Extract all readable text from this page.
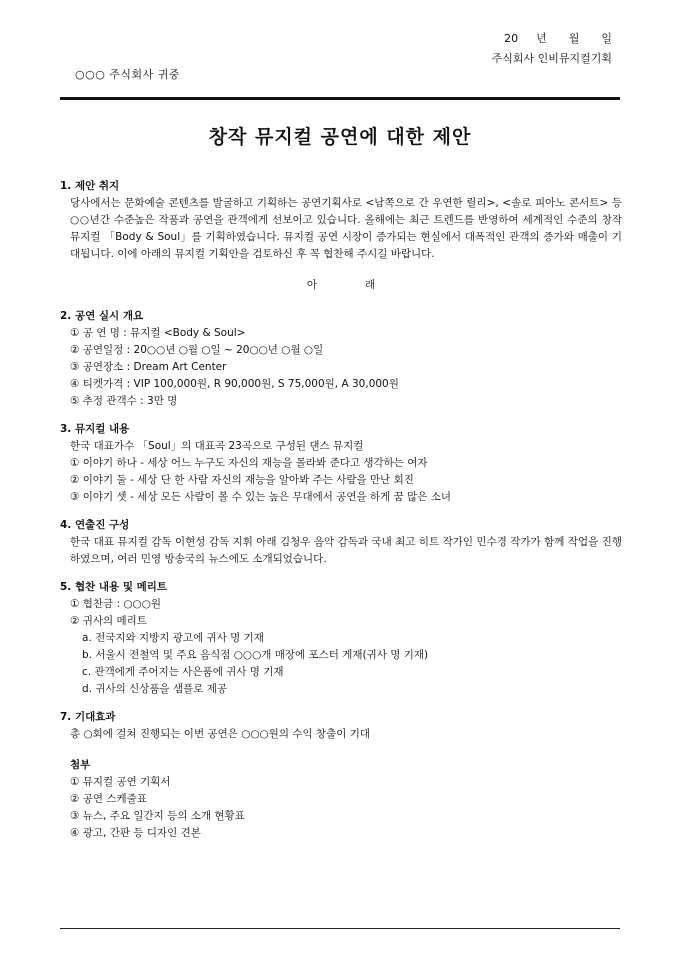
○○○ 주식회사 귀중
20 년 월 일
주식회사 인비뮤지컬기획
창작 뮤지컬 공연에 대한 제안
1. 제안 취지
당사에서는 문화예술 콘텐츠를 발굴하고 기획하는 공연기획사로 <남쪽으로 간 우연한 릴리>, <솔로 피아노 콘서트> 등 ○○년간 수준높은 작품과 공연을 관객에게 선보이고 있습니다. 올해에는 최근 트렌드를 반영하여 세계적인 수준의 창작 뮤지컬 「Body & Soul」를 기획하였습니다. 뮤지컬 공연 시장이 증가되는 현실에서 대폭적인 관객의 증가와 매출이 기대됩니다. 이에 아래의 뮤지컬 기획안을 검토하신 후 꼭 협찬해 주시길 바랍니다.
아	래
2. 공연 실시 개요
① 공 연 명 : 뮤지컬 <Body & Soul>
② 공연일정 : 20○○년 ○월 ○일 ~ 20○○년 ○월 ○일
③ 공연장소 : Dream Art Center
④ 티켓가격 : VIP 100,000원, R 90,000원, S 75,000원, A 30,000원
⑤ 추정 관객수 : 3만 명
3. 뮤지컬 내용
한국 대표가수 「Soul」의 대표곡 23곡으로 구성된 댄스 뮤지컬
① 이야기 하나 - 세상 어느 누구도 자신의 재능을 몰라봐 준다고 생각하는 여자
② 이야기 둘 - 세상 단 한 사람 자신의 재능을 알아봐 주는 사람을 만난 회진
③ 이야기 셋 - 세상 모든 사람이 볼 수 있는 높은 무대에서 공연을 하게 꿈 많은 소녀
4. 연출진 구성
한국 대표 뮤지컬 감독 이현성 감독 지휘 아래 김청우 음악 감독과 국내 최고 히트 작가인 민수경 작가가 함께 작업을 진행하였으며, 여러 민영 방송국의 뉴스에도 소개되었습니다.
5. 협찬 내용 및 메리트
① 협찬금 : ○○○원
② 귀사의 메리트
a. 전국지와 지방지 광고에 귀사 명 기재
b. 서울시 전철역 및 주요 음식점 ○○○개 매장에 포스터 게재(귀사 명 기재)
c. 관객에게 주어지는 사은품에 귀사 명 기재
d. 귀사의 신상품을 샘플로 제공
7. 기대효과
총 ○회에 걸쳐 진행되는 이번 공연은 ○○○원의 수익 창출이 기대
첨부
① 뮤지컬 공연 기획서
② 공연 스케줄표
③ 뉴스, 주요 일간지 등의 소개 현황표
④ 광고, 간판 등 디자인 견본
